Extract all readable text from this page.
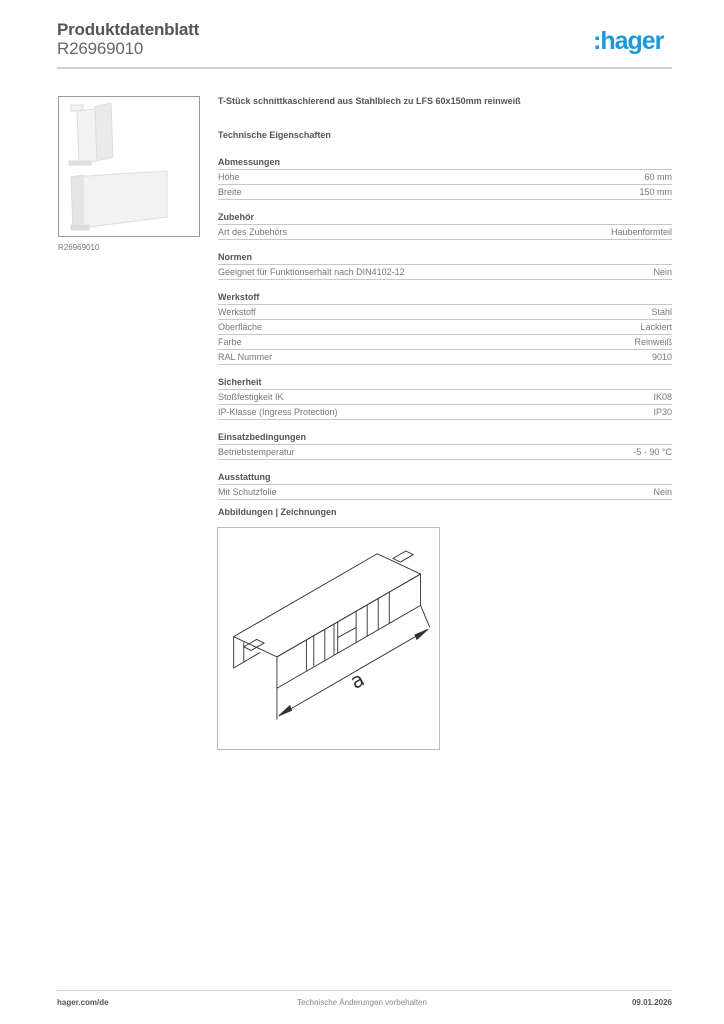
Produktdatenblatt
R26969010	:hager
R26969010
T-Stück schnittkaschierend aus Stahlblech zu LFS 60x150mm reinweiß
Technische Eigenschaften
Abmessungen
Höhe	60 mm
Breite	150 mm
Zubehör
Art des Zubehörs	Haubenformteil
Normen
Geeignet für Funktionserhalt nach DIN4102-12	Nein
Werkstoff
Werkstoff	Stahl
Oberfläche	Lackiert
Farbe	Reinweiß
RAL Nummer	9010
Sicherheit
Stoßfestigkeit IK	IK08
IP-Klasse (Ingress Protection)	IP30
Einsatzbedingungen
Betriebstemperatur	-5 - 90 °C
Ausstattung
Mit Schutzfolie	Nein
Abbildungen | Zeichnungen
a
hager.com/de	Technische Änderungen vorbehalten	09.01.2026
